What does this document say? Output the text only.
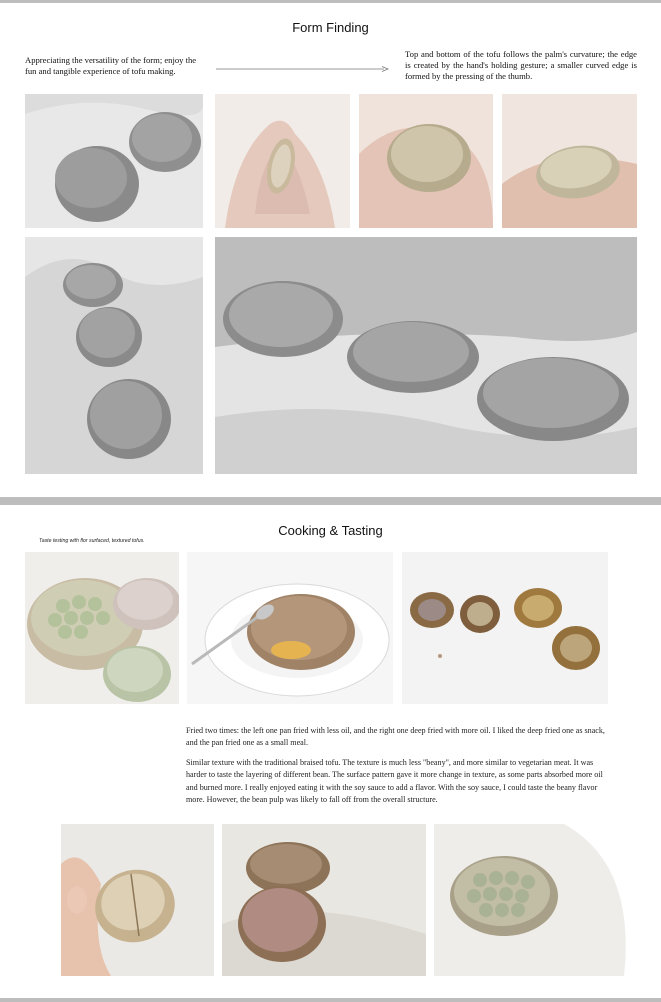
Form Finding

Appreciating the versatility of the form; enjoy the fun and tangible experience of tofu making.

Top and bottom of the tofu follows the palm's curvature; the edge is created by the hand's holding gesture; a smaller curved edge is formed by the pressing of the thumb.

Cooking & Tasting
Taste testing with flor surfaced, textured tofus.

Fried two times: the left one pan fried with less oil, and the right one deep fried with more oil. I liked the deep fried one as snack, and the pan fried one as a small meal.

Similar texture with the traditional braised tofu. The texture is much less "beany", and more similar to vegetarian meat. It was harder to taste the layering of different bean. The surface pattern gave it more change in texture, as some parts absorbed more oil and burned more. I really enjoyed eating it with the soy sauce to add a flavor. With the soy sauce, I could taste the beany flavor more. However, the bean pulp was likely to fall off from the overall structure.
